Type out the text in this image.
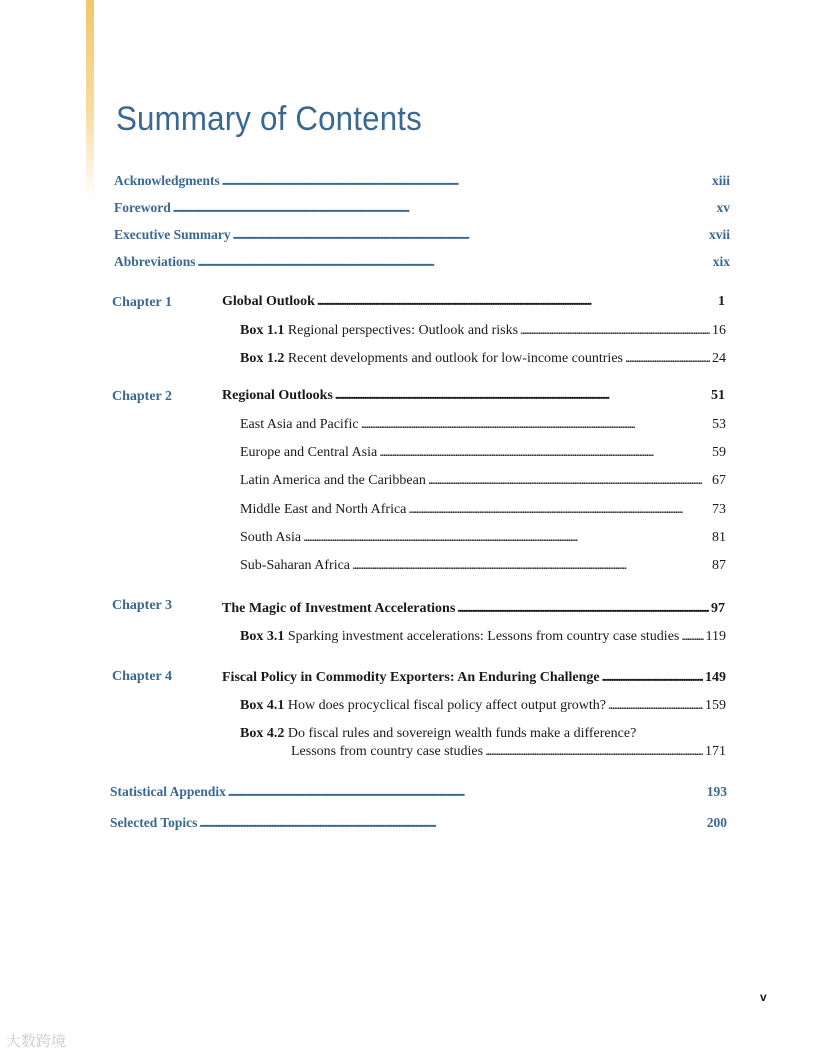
Summary of Contents
Acknowledgments . . .	xiii
Foreword . . .	xv
Executive Summary . . .	xvii
Abbreviations . . .	xix
Chapter 1	Global Outlook . . .	1
Box 1.1 Regional perspectives: Outlook and risks . . .	16
Box 1.2 Recent developments and outlook for low-income countries . . .	24
Chapter 2	Regional Outlooks . . .	51
East Asia and Pacific . . .	53
Europe and Central Asia . . .	59
Latin America and the Caribbean . . .	67
Middle East and North Africa . . .	73
South Asia . . .	81
Sub-Saharan Africa . . .	87
Chapter 3	The Magic of Investment Accelerations . . .	97
Box 3.1 Sparking investment accelerations: Lessons from country case studies . . . 119
Chapter 4	Fiscal Policy in Commodity Exporters: An Enduring Challenge . . .	149
Box 4.1 How does procyclical fiscal policy affect output growth? . . .	159
Box 4.2 Do fiscal rules and sovereign wealth funds make a difference?
Lessons from country case studies . . .	171
Statistical Appendix . . .	193
Selected Topics . . .	200
v
大数跨境
